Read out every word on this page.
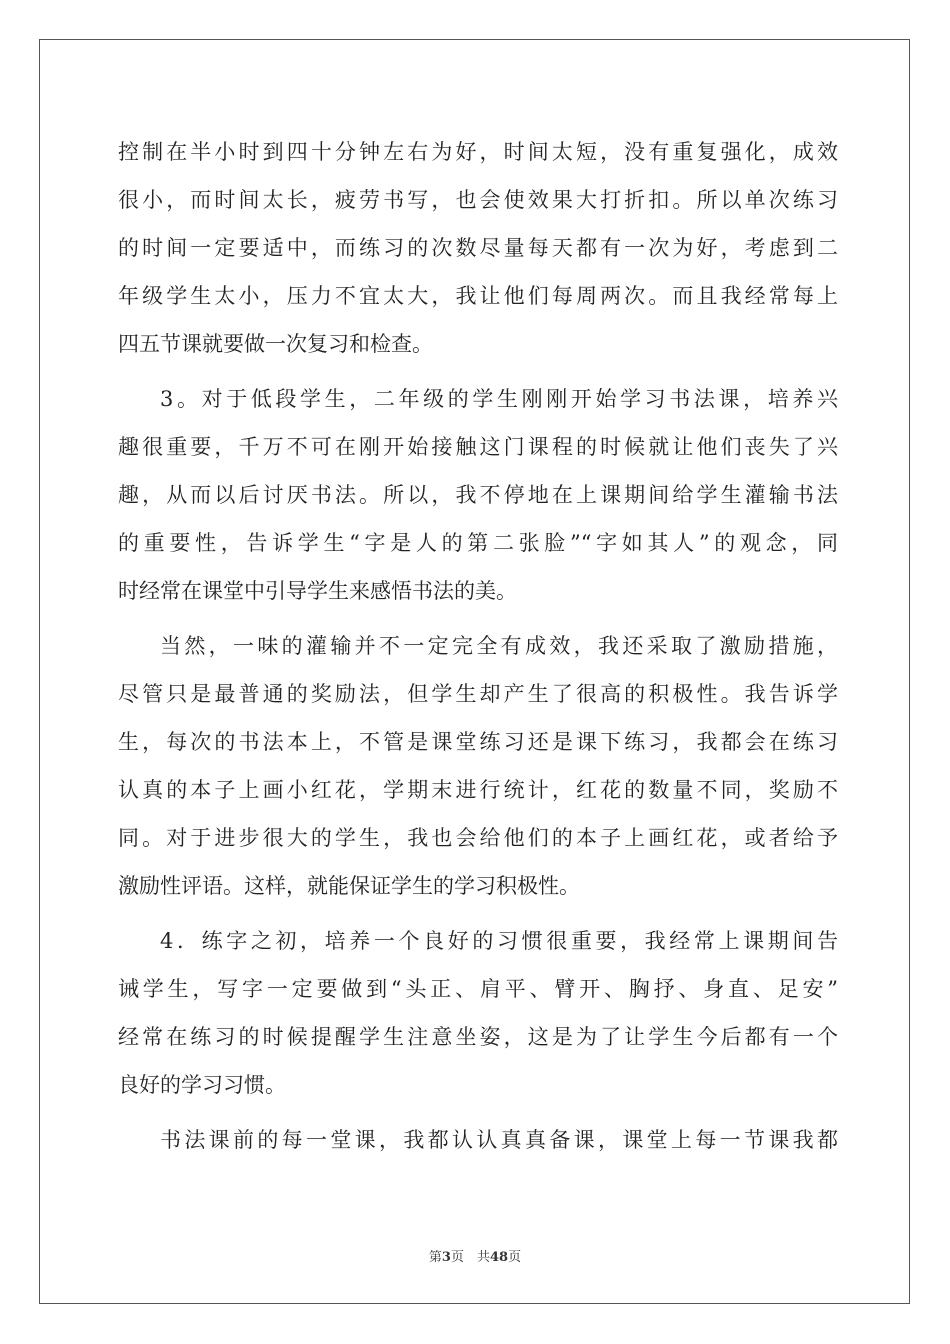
控制在半小时到四十分钟左右为好，时间太短，没有重复强化，成效
很小，而时间太长，疲劳书写，也会使效果大打折扣。所以单次练习
的时间一定要适中，而练习的次数尽量每天都有一次为好，考虑到二
年级学生太小，压力不宜太大，我让他们每周两次。而且我经常每上
四五节课就要做一次复习和检查。
3。对于低段学生，二年级的学生刚刚开始学习书法课，培养兴
趣很重要，千万不可在刚开始接触这门课程的时候就让他们丧失了兴
趣，从而以后讨厌书法。所以，我不停地在上课期间给学生灌输书法
的重要性，告诉学生“字是人的第二张脸”“字如其人”的观念，同
时经常在课堂中引导学生来感悟书法的美。
当然，一味的灌输并不一定完全有成效，我还采取了激励措施，
尽管只是最普通的奖励法，但学生却产生了很高的积极性。我告诉学
生，每次的书法本上，不管是课堂练习还是课下练习，我都会在练习
认真的本子上画小红花，学期末进行统计，红花的数量不同，奖励不
同。对于进步很大的学生，我也会给他们的本子上画红花，或者给予
激励性评语。这样，就能保证学生的学习积极性。
4．练字之初，培养一个良好的习惯很重要，我经常上课期间告
诫学生，写字一定要做到“头正、肩平、臂开、胸抒、身直、足安”
经常在练习的时候提醒学生注意坐姿，这是为了让学生今后都有一个
良好的学习习惯。
书法课前的每一堂课，我都认认真真备课，课堂上每一节课我都
第3页　共48页
